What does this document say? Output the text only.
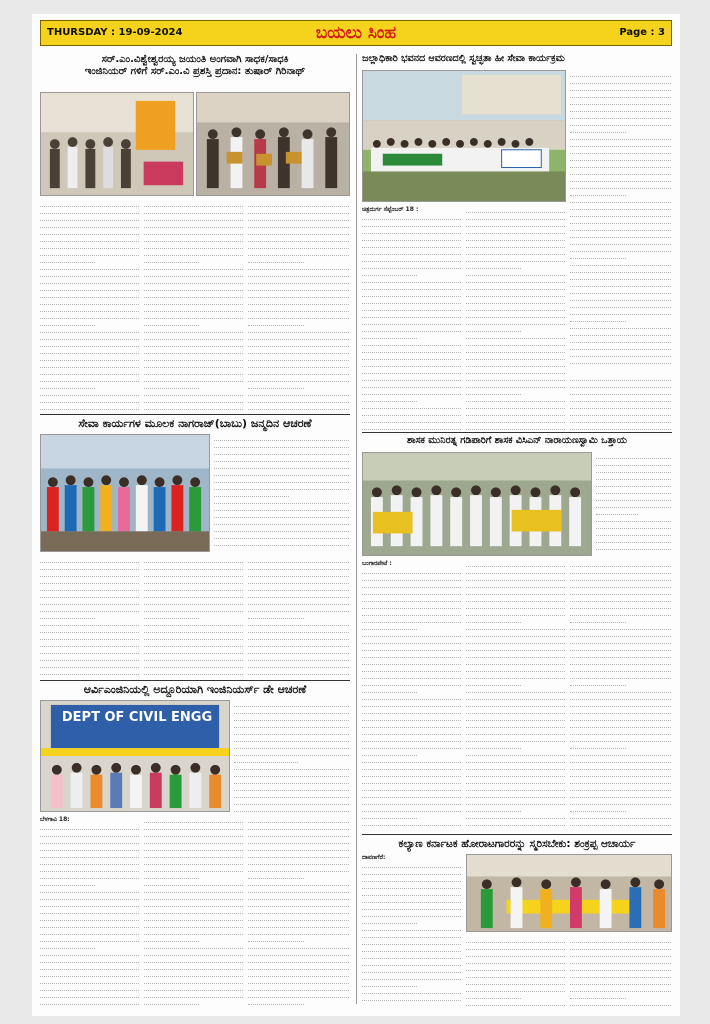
THURSDAY : 19-09-2024	ಬಯಲು ಸಿಂಹ	Page : 3
ಸರ್.ಎಂ.ವಿಶ್ವೇಶ್ವರಯ್ಯ ಜಯಂತಿ ಅಂಗವಾಗಿ ಸಾಧಕ/ಸಾಧಕಿ
ಇಂಜಿನಿಯರ್ ಗಳಿಗೆ ಸರ್.ಎಂ.ವಿ ಪ್ರಶಸ್ತಿ ಪ್ರದಾನ: ತುಷಾರ್ ಗಿರಿನಾಥ್
ಸೇವಾ ಕಾರ್ಯಗಳ ಮೂಲಕ ನಾಗರಾಜ್(ಬಾಬು) ಜನ್ಮದಿನ ಆಚರಣೆ
ಆರ್ವಿಎಂಜಿನಿಯಲ್ಲಿ ಅದ್ದೂರಿಯಾಗಿ ಇಂಜಿನಿಯರ್ಸ್ ಡೇ ಆಚರಣೆ
DEPT OF CIVIL ENGG
ಬೆಳಗಾವಿ 18:
ಜಲ್ಲಾಧಿಕಾರಿ ಭವನದ ಆವರಣದಲ್ಲಿ ಸ್ವಚ್ಛತಾ ಹೀ ಸೇವಾ ಕಾರ್ಯಕ್ರಮ
ಚಿತ್ರದುರ್ಗ ಸೆಪ್ಟೆಂಬರ್ 18 :
ಶಾಸಕ ಮುನಿರತ್ನ ಗಡಿಪಾರಿಗೆ ಶಾಸಕ ವಿಸಿಎನ್ ನಾರಾಯಣಸ್ವಾಮಿ ಒತ್ತಾಯ
ಬಂಗಾರಪೇಟೆ :
ಕಲ್ಯಾಣ ಕರ್ನಾಟಕ ಹೋರಾಟಗಾರರನ್ನು ಸ್ಮರಿಸಬೇಕು: ಶಂಕ್ರಪ್ಪ ಆಚಾರ್ಯ
ದಾವಣಗೆರೆ:
